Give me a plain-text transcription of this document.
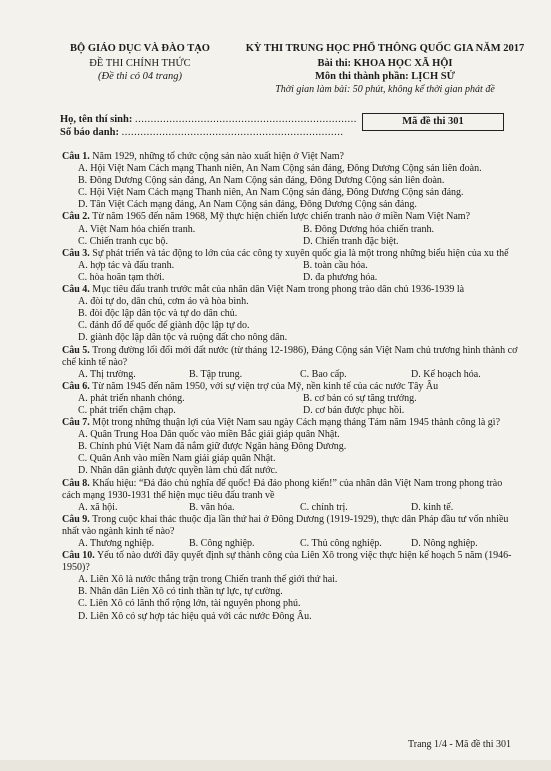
BỘ GIÁO DỤC VÀ ĐÀO TẠO
ĐỀ THI CHÍNH THỨC
(Đề thi có 04 trang)
KỲ THI TRUNG HỌC PHỔ THÔNG QUỐC GIA NĂM 2017
Bài thi: KHOA HỌC XÃ HỘI
Môn thi thành phần: LỊCH SỬ
Thời gian làm bài: 50 phút, không kể thời gian phát đề
Họ, tên thí sinh: .......................................................................
Số báo danh: .......................................................................
Mã đề thi 301
Câu 1. Năm 1929, những tổ chức cộng sản nào xuất hiện ở Việt Nam?
A. Hội Việt Nam Cách mạng Thanh niên, An Nam Cộng sản đảng, Đông Dương Cộng sản liên đoàn.
B. Đông Dương Cộng sản đảng, An Nam Cộng sản đảng, Đông Dương Cộng sản liên đoàn.
C. Hội Việt Nam Cách mạng Thanh niên, An Nam Cộng sản đảng, Đông Dương Cộng sản đảng.
D. Tân Việt Cách mạng đảng, An Nam Cộng sản đảng, Đông Dương Cộng sản đảng.
Câu 2. Từ năm 1965 đến năm 1968, Mỹ thực hiện chiến lược chiến tranh nào ở miền Nam Việt Nam?
A. Việt Nam hóa chiến tranh.	B. Đông Dương hóa chiến tranh.
C. Chiến tranh cục bộ.	D. Chiến tranh đặc biệt.
Câu 3. Sự phát triển và tác động to lớn của các công ty xuyên quốc gia là một trong những biểu hiện của xu thế
A. hợp tác và đấu tranh.	B. toàn cầu hóa.
C. hòa hoãn tạm thời.	D. đa phương hóa.
Câu 4. Mục tiêu đấu tranh trước mắt của nhân dân Việt Nam trong phong trào dân chủ 1936-1939 là
A. đòi tự do, dân chủ, cơm áo và hòa bình.
B. đòi độc lập dân tộc và tự do dân chủ.
C. đánh đổ để quốc để giành độc lập tự do.
D. giành độc lập dân tộc và ruộng đất cho nông dân.
Câu 5. Trong đường lối đổi mới đất nước (từ tháng 12-1986), Đảng Cộng sản Việt Nam chủ trương hình thành cơ chế kinh tế nào?
A. Thị trường.	B. Tập trung.	C. Bao cấp.	D. Kế hoạch hóa.
Câu 6. Từ năm 1945 đến năm 1950, với sự viện trợ của Mỹ, nền kinh tế của các nước Tây Âu
A. phát triển nhanh chóng.	B. cơ bản có sự tăng trưởng.
C. phát triển chậm chạp.	D. cơ bản được phục hồi.
Câu 7. Một trong những thuận lợi của Việt Nam sau ngày Cách mạng tháng Tám năm 1945 thành công là gì?
A. Quân Trung Hoa Dân quốc vào miền Bắc giải giáp quân Nhật.
B. Chính phủ Việt Nam đã nắm giữ được Ngân hàng Đông Dương.
C. Quân Anh vào miền Nam giải giáp quân Nhật.
D. Nhân dân giành được quyền làm chủ đất nước.
Câu 8. Khẩu hiệu: “Đả đảo chủ nghĩa đế quốc! Đả đảo phong kiến!” của nhân dân Việt Nam trong phong trào cách mạng 1930-1931 thể hiện mục tiêu đấu tranh về
A. xã hội.	B. văn hóa.	C. chính trị.	D. kinh tế.
Câu 9. Trong cuộc khai thác thuộc địa lần thứ hai ở Đông Dương (1919-1929), thực dân Pháp đầu tư vốn nhiều nhất vào ngành kinh tế nào?
A. Thương nghiệp.	B. Công nghiệp.	C. Thủ công nghiệp.	D. Nông nghiệp.
Câu 10. Yếu tố nào dưới đây quyết định sự thành công của Liên Xô trong việc thực hiện kế hoạch 5 năm (1946-1950)?
A. Liên Xô là nước thắng trận trong Chiến tranh thế giới thứ hai.
B. Nhân dân Liên Xô có tinh thần tự lực, tự cường.
C. Liên Xô có lãnh thổ rộng lớn, tài nguyên phong phú.
D. Liên Xô có sự hợp tác hiệu quả với các nước Đông Âu.
Trang 1/4 - Mã đề thi 301
